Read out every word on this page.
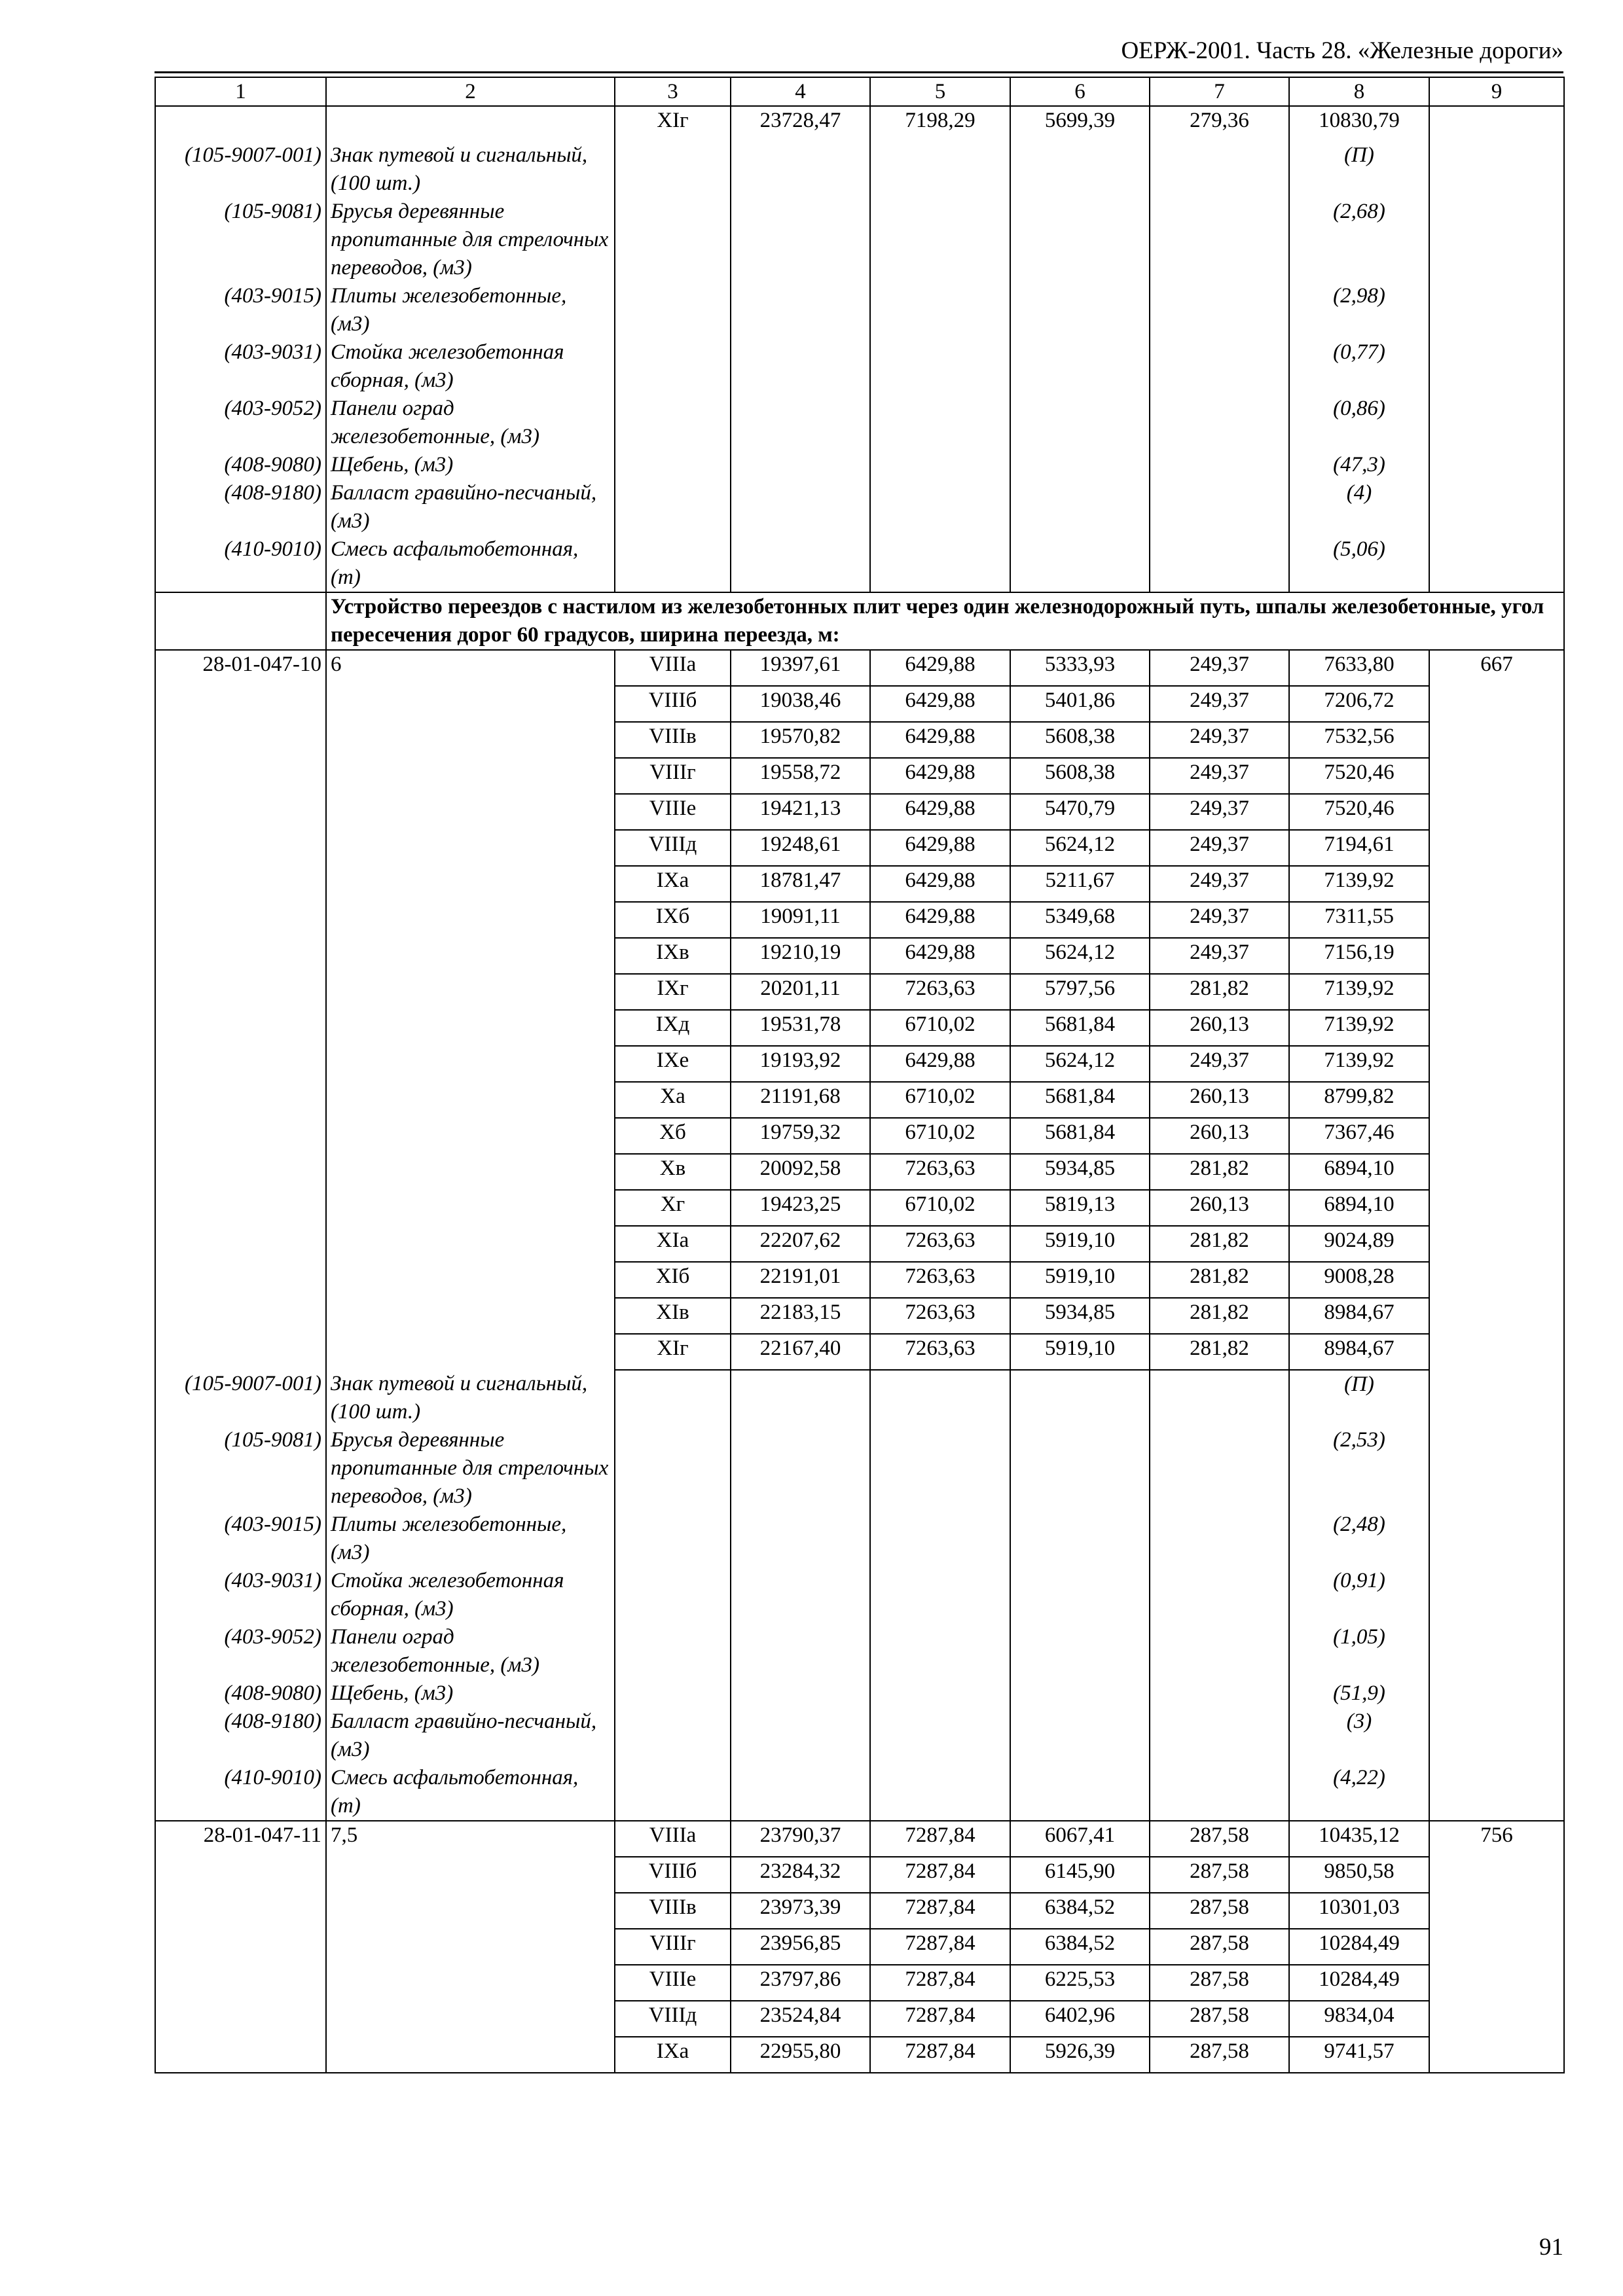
ОЕРЖ-2001. Часть 28. «Железные дороги»
1	2	3	4	5	6	7	8	9
		XIг	23728,47	7198,29	5699,39	279,36	10830,79	
(105-9007-001)	Знак путевой и сигнальный, (100 шт.)						(П)	
(105-9081)	Брусья деревянные пропитанные для стрелочных переводов, (м3)						(2,68)	
(403-9015)	Плиты железобетонные, (м3)						(2,98)	
(403-9031)	Стойка железобетонная сборная, (м3)						(0,77)	
(403-9052)	Панели оград железобетонные, (м3)						(0,86)	
(408-9080)	Щебень, (м3)						(47,3)	
(408-9180)	Балласт гравийно-песчаный, (м3)						(4)	
(410-9010)	Смесь асфальтобетонная, (т)						(5,06)	
	Устройство переездов с настилом из железобетонных плит через один железнодорожный путь, шпалы железобетонные, угол пересечения дорог 60 градусов, ширина переезда, м:							
28-01-047-10	6	VIIIа	19397,61	6429,88	5333,93	249,37	7633,80	667
		VIIIб	19038,46	6429,88	5401,86	249,37	7206,72	
		VIIIв	19570,82	6429,88	5608,38	249,37	7532,56	
		VIIIг	19558,72	6429,88	5608,38	249,37	7520,46	
		VIIIе	19421,13	6429,88	5470,79	249,37	7520,46	
		VIIIд	19248,61	6429,88	5624,12	249,37	7194,61	
		IXа	18781,47	6429,88	5211,67	249,37	7139,92	
		IXб	19091,11	6429,88	5349,68	249,37	7311,55	
		IXв	19210,19	6429,88	5624,12	249,37	7156,19	
		IXг	20201,11	7263,63	5797,56	281,82	7139,92	
		IXд	19531,78	6710,02	5681,84	260,13	7139,92	
		IXе	19193,92	6429,88	5624,12	249,37	7139,92	
		Xа	21191,68	6710,02	5681,84	260,13	8799,82	
		Xб	19759,32	6710,02	5681,84	260,13	7367,46	
		Xв	20092,58	7263,63	5934,85	281,82	6894,10	
		Xг	19423,25	6710,02	5819,13	260,13	6894,10	
		XIа	22207,62	7263,63	5919,10	281,82	9024,89	
		XIб	22191,01	7263,63	5919,10	281,82	9008,28	
		XIв	22183,15	7263,63	5934,85	281,82	8984,67	
		XIг	22167,40	7263,63	5919,10	281,82	8984,67	
(105-9007-001)	Знак путевой и сигнальный, (100 шт.)						(П)	
(105-9081)	Брусья деревянные пропитанные для стрелочных переводов, (м3)						(2,53)	
(403-9015)	Плиты железобетонные, (м3)						(2,48)	
(403-9031)	Стойка железобетонная сборная, (м3)						(0,91)	
(403-9052)	Панели оград железобетонные, (м3)						(1,05)	
(408-9080)	Щебень, (м3)						(51,9)	
(408-9180)	Балласт гравийно-песчаный, (м3)						(3)	
(410-9010)	Смесь асфальтобетонная, (т)						(4,22)	
28-01-047-11	7,5	VIIIа	23790,37	7287,84	6067,41	287,58	10435,12	756
		VIIIб	23284,32	7287,84	6145,90	287,58	9850,58	
		VIIIв	23973,39	7287,84	6384,52	287,58	10301,03	
		VIIIг	23956,85	7287,84	6384,52	287,58	10284,49	
		VIIIе	23797,86	7287,84	6225,53	287,58	10284,49	
		VIIIд	23524,84	7287,84	6402,96	287,58	9834,04	
		IXа	22955,80	7287,84	5926,39	287,58	9741,57	
91
